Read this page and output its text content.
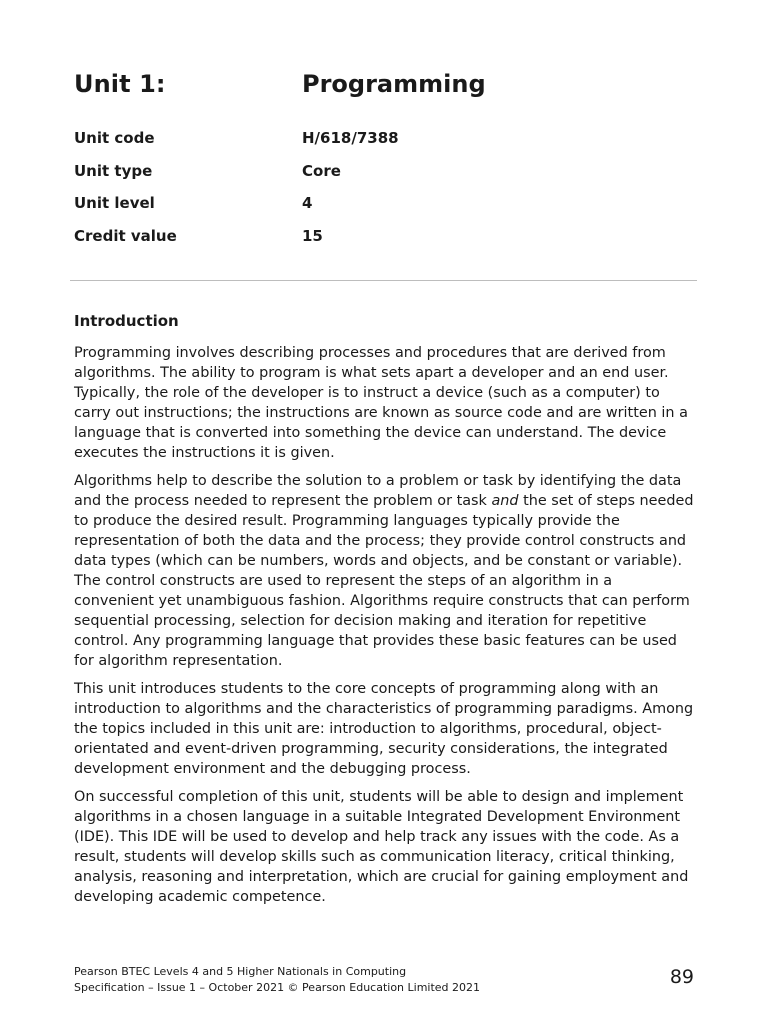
Unit 1:	Programming
Unit code	H/618/7388
Unit type	Core
Unit level	4
Credit value	15
Introduction

Programming involves describing processes and procedures that are derived from algorithms. The ability to program is what sets apart a developer and an end user. Typically, the role of the developer is to instruct a device (such as a computer) to carry out instructions; the instructions are known as source code and are written in a language that is converted into something the device can understand. The device executes the instructions it is given.

Algorithms help to describe the solution to a problem or task by identifying the data and the process needed to represent the problem or task and the set of steps needed to produce the desired result. Programming languages typically provide the representation of both the data and the process; they provide control constructs and data types (which can be numbers, words and objects, and be constant or variable). The control constructs are used to represent the steps of an algorithm in a convenient yet unambiguous fashion. Algorithms require constructs that can perform sequential processing, selection for decision making and iteration for repetitive control. Any programming language that provides these basic features can be used for algorithm representation.

This unit introduces students to the core concepts of programming along with an introduction to algorithms and the characteristics of programming paradigms. Among the topics included in this unit are: introduction to algorithms, procedural, object-orientated and event-driven programming, security considerations, the integrated development environment and the debugging process.

On successful completion of this unit, students will be able to design and implement algorithms in a chosen language in a suitable Integrated Development Environment (IDE). This IDE will be used to develop and help track any issues with the code. As a result, students will develop skills such as communication literacy, critical thinking, analysis, reasoning and interpretation, which are crucial for gaining employment and developing academic competence.

Pearson BTEC Levels 4 and 5 Higher Nationals in Computing
Specification – Issue 1 – October 2021 © Pearson Education Limited 2021	89
